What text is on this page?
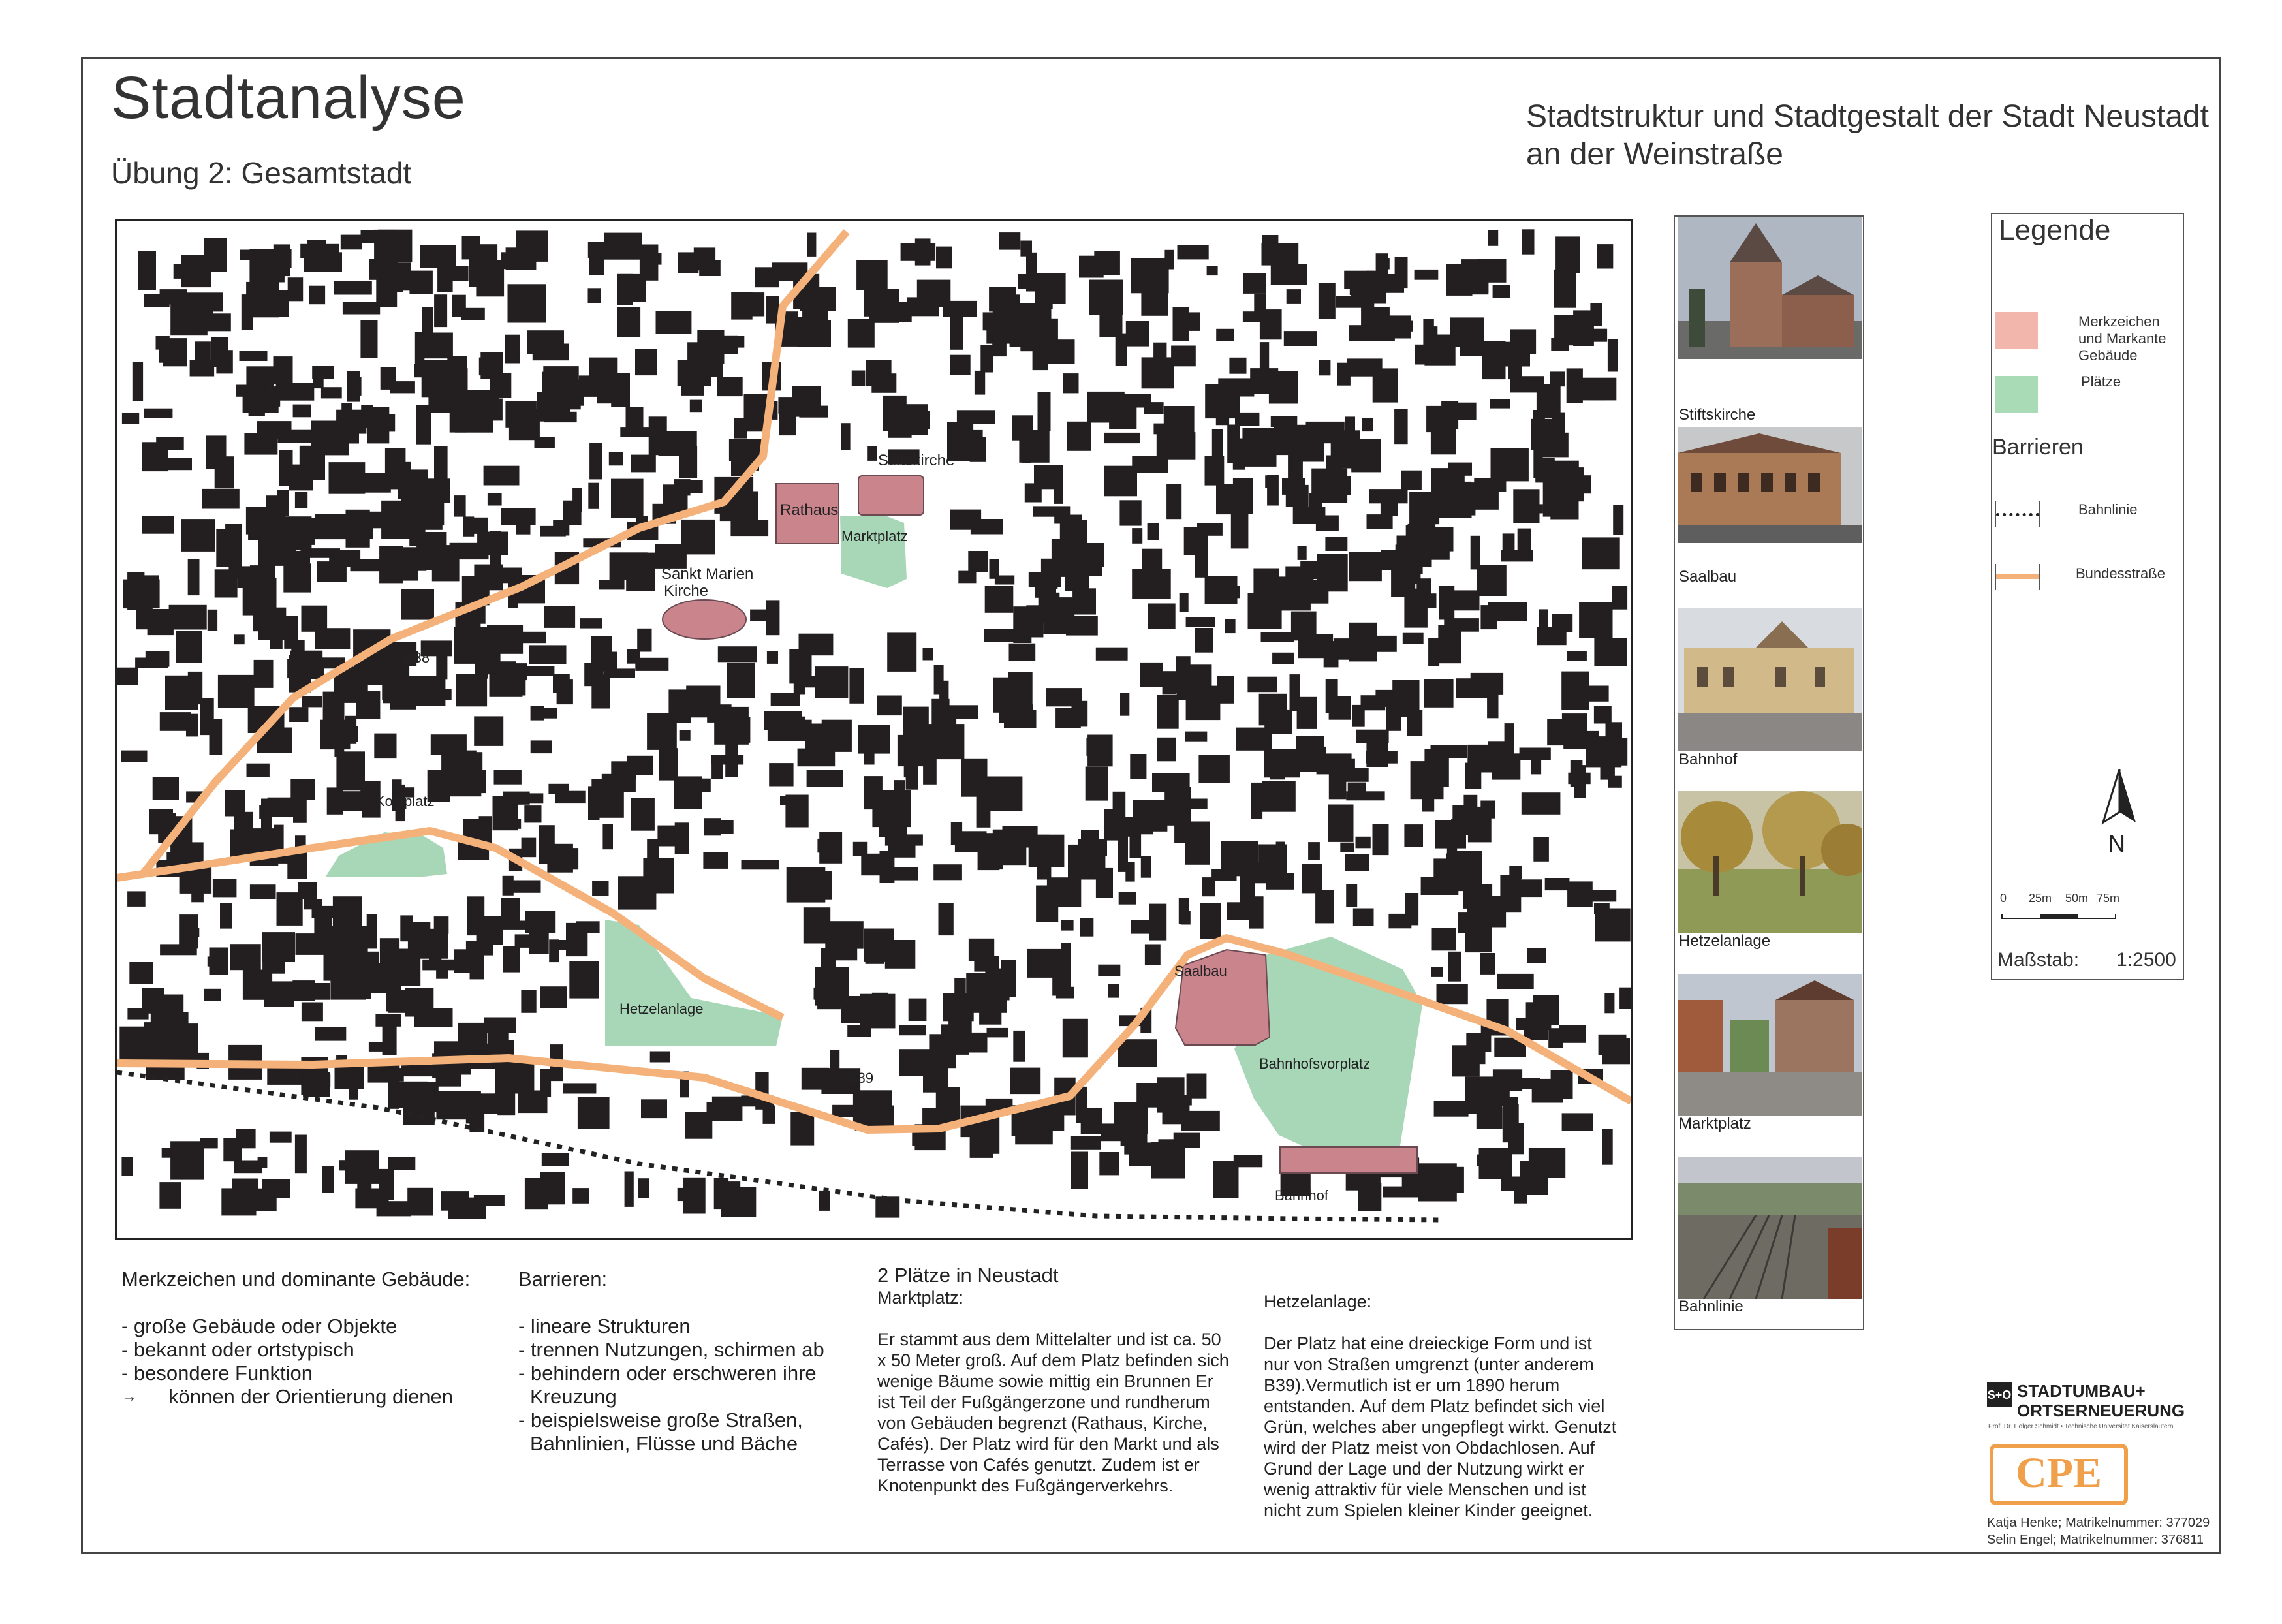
Stadtanalyse
Übung 2: Gesamtstadt
Stadtstruktur und Stadtgestalt der Stadt Neustadt
an der Weinstraße
Stiftskirche
Rathaus
Marktplatz
Sankt Marien
Kirche
B38
Kohlplatz
Hetzelanlage
B39
Saalbau
Bahnhofsvorplatz
Bahnhof
Stiftskirche
Saalbau
Bahnhof
Hetzelanlage
Marktplatz
Bahnlinie
Legende
Merkzeichen
und Markante
Gebäude
Plätze
Barrieren
Bahnlinie
Bundesstraße
N
0 25m 50m 75m
Maßstab: 1:2500
Merkzeichen und dominante Gebäude:
- große Gebäude oder Objekte
- bekannt oder ortstypisch
- besondere Funktion
→ können der Orientierung dienen
Barrieren:
- lineare Strukturen
- trennen Nutzungen, schirmen ab
- behindern oder erschweren ihre
Kreuzung
- beispielsweise große Straßen,
Bahnlinien, Flüsse und Bäche
2 Plätze in Neustadt
Marktplatz:
Er stammt aus dem Mittelalter und ist ca. 50
x 50 Meter groß. Auf dem Platz befinden sich
wenige Bäume sowie mittig ein Brunnen Er
ist Teil der Fußgängerzone und rundherum
von Gebäuden begrenzt (Rathaus, Kirche,
Cafés). Der Platz wird für den Markt und als
Terrasse von Cafés genutzt. Zudem ist er
Knotenpunkt des Fußgängerverkehrs.
Hetzelanlage:
Der Platz hat eine dreieckige Form und ist
nur von Straßen umgrenzt (unter anderem
B39).Vermutlich ist er um 1890 herum
entstanden. Auf dem Platz befindet sich viel
Grün, welches aber ungepflegt wirkt. Genutzt
wird der Platz meist von Obdachlosen. Auf
Grund der Lage und der Nutzung wirkt er
wenig attraktiv für viele Menschen und ist
nicht zum Spielen kleiner Kinder geeignet.
S+O STADTUMBAU+
ORTSERNEUERUNG
Prof. Dr. Holger Schmidt • Technische Universität Kaiserslautern
CPE
Katja Henke; Matrikelnummer: 377029
Selin Engel; Matrikelnummer: 376811
